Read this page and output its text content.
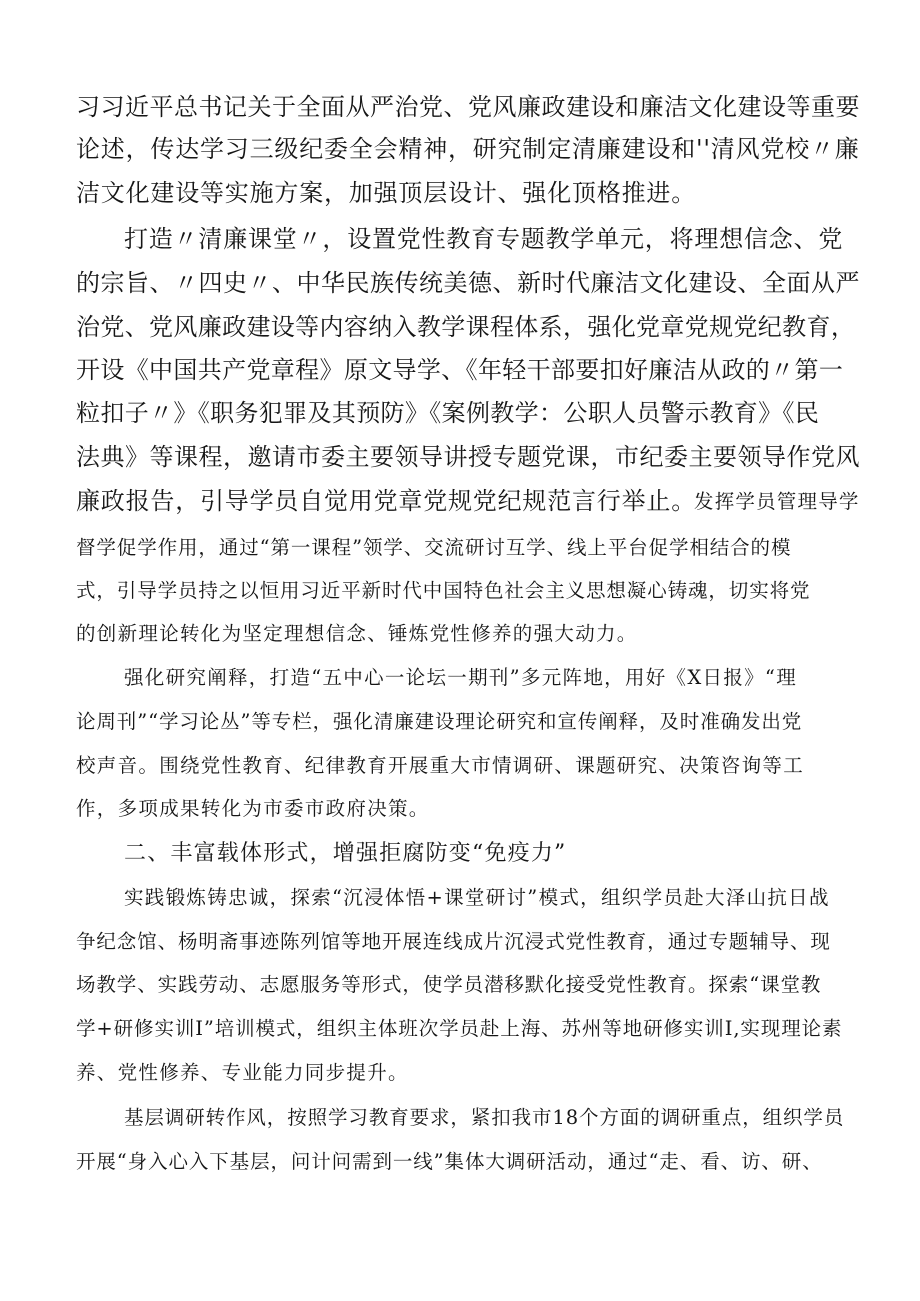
习习近平总书记关于全面从严治党、党风廉政建设和廉洁文化建设等重要
论述，传达学习三级纪委全会精神，研究制定清廉建设和''清风党校〃廉
洁文化建设等实施方案，加强顶层设计、强化顶格推进。
打造〃清廉课堂〃，设置党性教育专题教学单元，将理想信念、党
的宗旨、〃四史〃、中华民族传统美德、新时代廉洁文化建设、全面从严
治党、党风廉政建设等内容纳入教学课程体系，强化党章党规党纪教育，
开设《中国共产党章程》原文导学、《年轻干部要扣好廉洁从政的〃第一
粒扣子〃》《职务犯罪及其预防》《案例教学：公职人员警示教育》《民
法典》等课程，邀请市委主要领导讲授专题党课，市纪委主要领导作党风
廉政报告，引导学员自觉用党章党规党纪规范言行举止。
发挥学员管理导学
督学促学作用，通过“第一课程”领学、交流研讨互学、线上平台促学相结合的模
式，引导学员持之以恒用习近平新时代中国特色社会主义思想凝心铸魂，切实将党
的创新理论转化为坚定理想信念、锤炼党性修养的强大动力。
强化研究阐释，打造“五中心一论坛一期刊”多元阵地，用好《X日报》“理
论周刊”“学习论丛”等专栏，强化清廉建设理论研究和宣传阐释，及时准确发出党
校声音。围绕党性教育、纪律教育开展重大市情调研、课题研究、决策咨询等工
作，多项成果转化为市委市政府决策。
二、丰富载体形式，增强拒腐防变“免疫力”
实践锻炼铸忠诚，探索“沉浸体悟+课堂研讨”模式，组织学员赴大泽山抗日战
争纪念馆、杨明斋事迹陈列馆等地开展连线成片沉浸式党性教育，通过专题辅导、现
场教学、实践劳动、志愿服务等形式，使学员潜移默化接受党性教育。探索“课堂教
学+研修实训I”培训模式，组织主体班次学员赴上海、苏州等地研修实训I,实现理论素
养、党性修养、专业能力同步提升。
基层调研转作风，按照学习教育要求，紧扣我市18个方面的调研重点，组织学员
开展“身入心入下基层，问计问需到一线”集体大调研活动，通过“走、看、访、研、
